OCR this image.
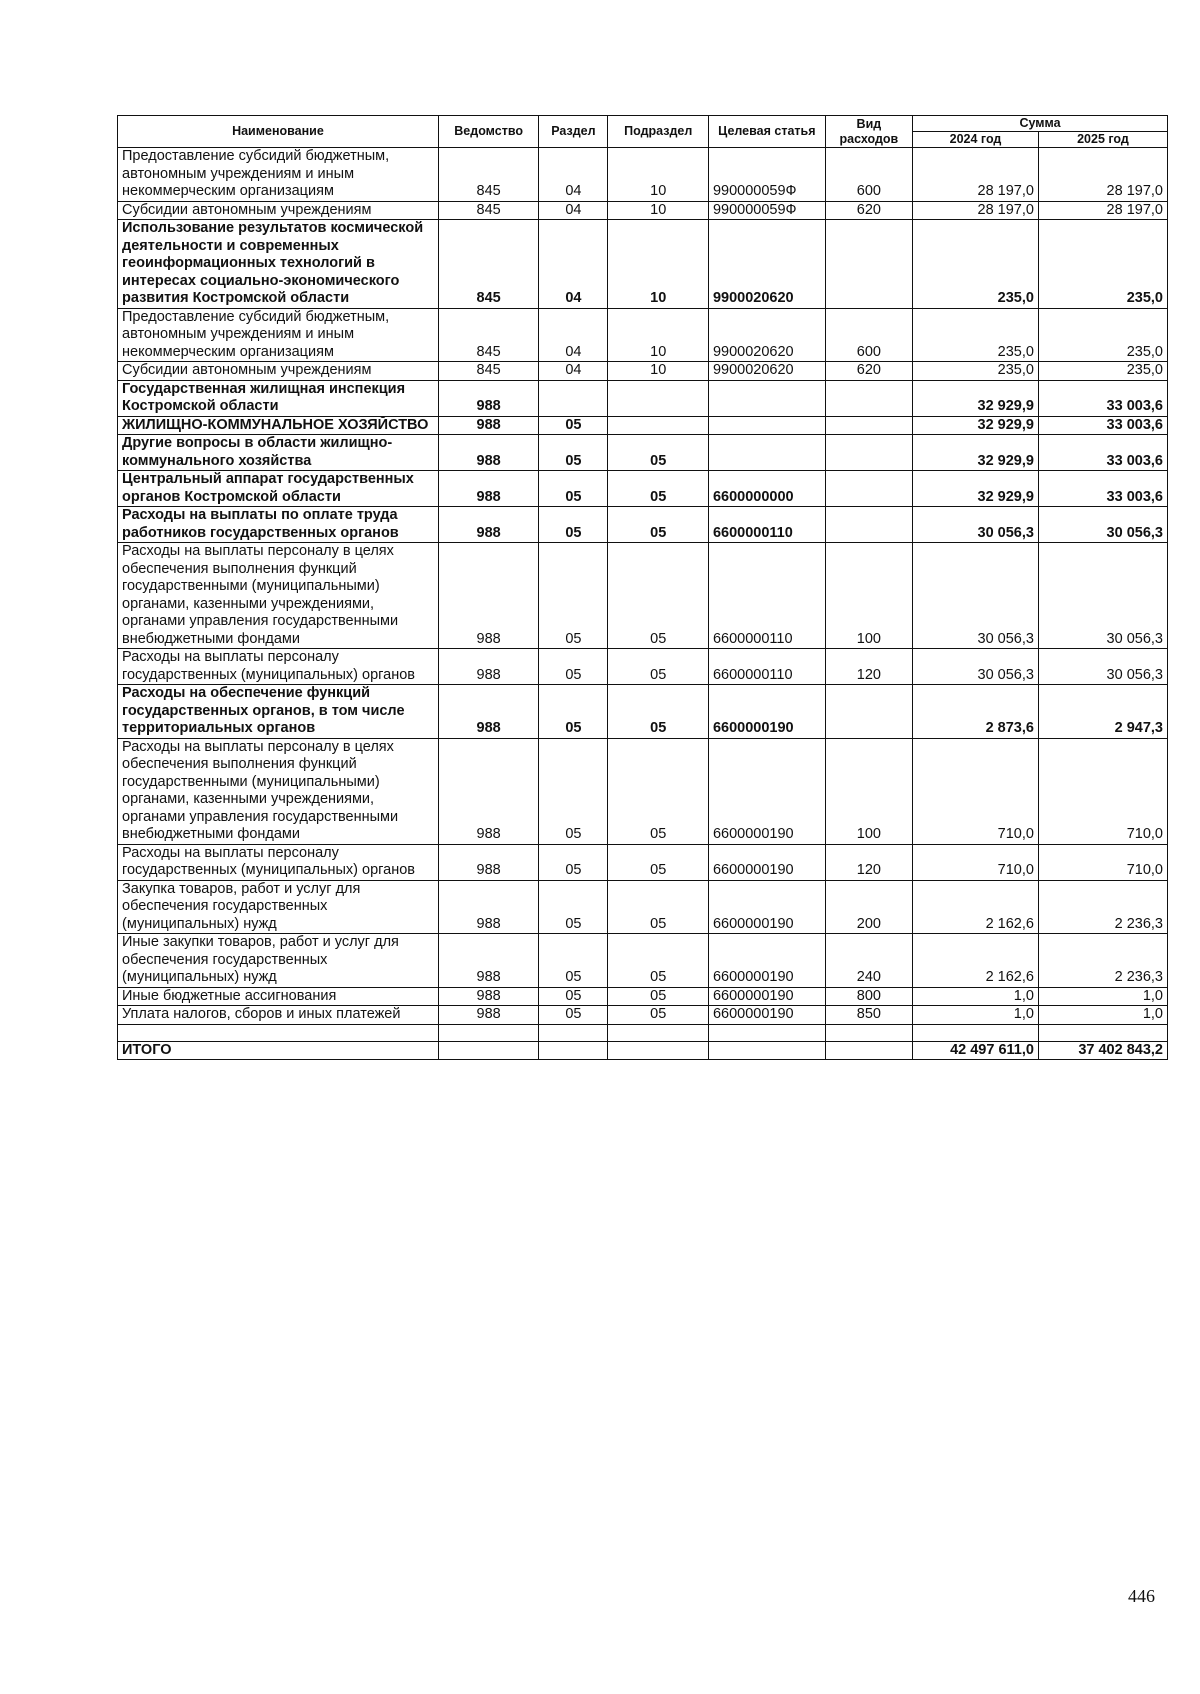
Наименование	Ведомство	Раздел	Подраздел	Целевая статья	Вид расходов	Сумма	
						2024 год	2025 год
Предоставление субсидий бюджетным, автономным учреждениям и иным некоммерческим организациям	845	04	10	990000059Ф	600	28 197,0	28 197,0
Субсидии автономным учреждениям	845	04	10	990000059Ф	620	28 197,0	28 197,0
Использование результатов космической деятельности и современных геоинформационных технологий в интересах социально-экономического развития Костромской области	845	04	10	9900020620		235,0	235,0
Предоставление субсидий бюджетным, автономным учреждениям и иным некоммерческим организациям	845	04	10	9900020620	600	235,0	235,0
Субсидии автономным учреждениям	845	04	10	9900020620	620	235,0	235,0
Государственная жилищная инспекция Костромской области	988					32 929,9	33 003,6
ЖИЛИЩНО-КОММУНАЛЬНОЕ ХОЗЯЙСТВО	988	05				32 929,9	33 003,6
Другие вопросы в области жилищно-коммунального хозяйства	988	05	05			32 929,9	33 003,6
Центральный аппарат государственных органов Костромской области	988	05	05	6600000000		32 929,9	33 003,6
Расходы на выплаты по оплате труда работников государственных органов	988	05	05	6600000110		30 056,3	30 056,3
Расходы на выплаты персоналу в целях обеспечения выполнения функций государственными (муниципальными) органами, казенными учреждениями, органами управления государственными внебюджетными фондами	988	05	05	6600000110	100	30 056,3	30 056,3
Расходы на выплаты персоналу государственных (муниципальных) органов	988	05	05	6600000110	120	30 056,3	30 056,3
Расходы на обеспечение функций государственных органов, в том числе территориальных органов	988	05	05	6600000190		2 873,6	2 947,3
Расходы на выплаты персоналу в целях обеспечения выполнения функций государственными (муниципальными) органами, казенными учреждениями, органами управления государственными внебюджетными фондами	988	05	05	6600000190	100	710,0	710,0
Расходы на выплаты персоналу государственных (муниципальных) органов	988	05	05	6600000190	120	710,0	710,0
Закупка товаров, работ и услуг для обеспечения государственных (муниципальных) нужд	988	05	05	6600000190	200	2 162,6	2 236,3
Иные закупки товаров, работ и услуг для обеспечения государственных (муниципальных) нужд	988	05	05	6600000190	240	2 162,6	2 236,3
Иные бюджетные ассигнования	988	05	05	6600000190	800	1,0	1,0
Уплата налогов, сборов и иных платежей	988	05	05	6600000190	850	1,0	1,0

ИТОГО						42 497 611,0	37 402 843,2
446
